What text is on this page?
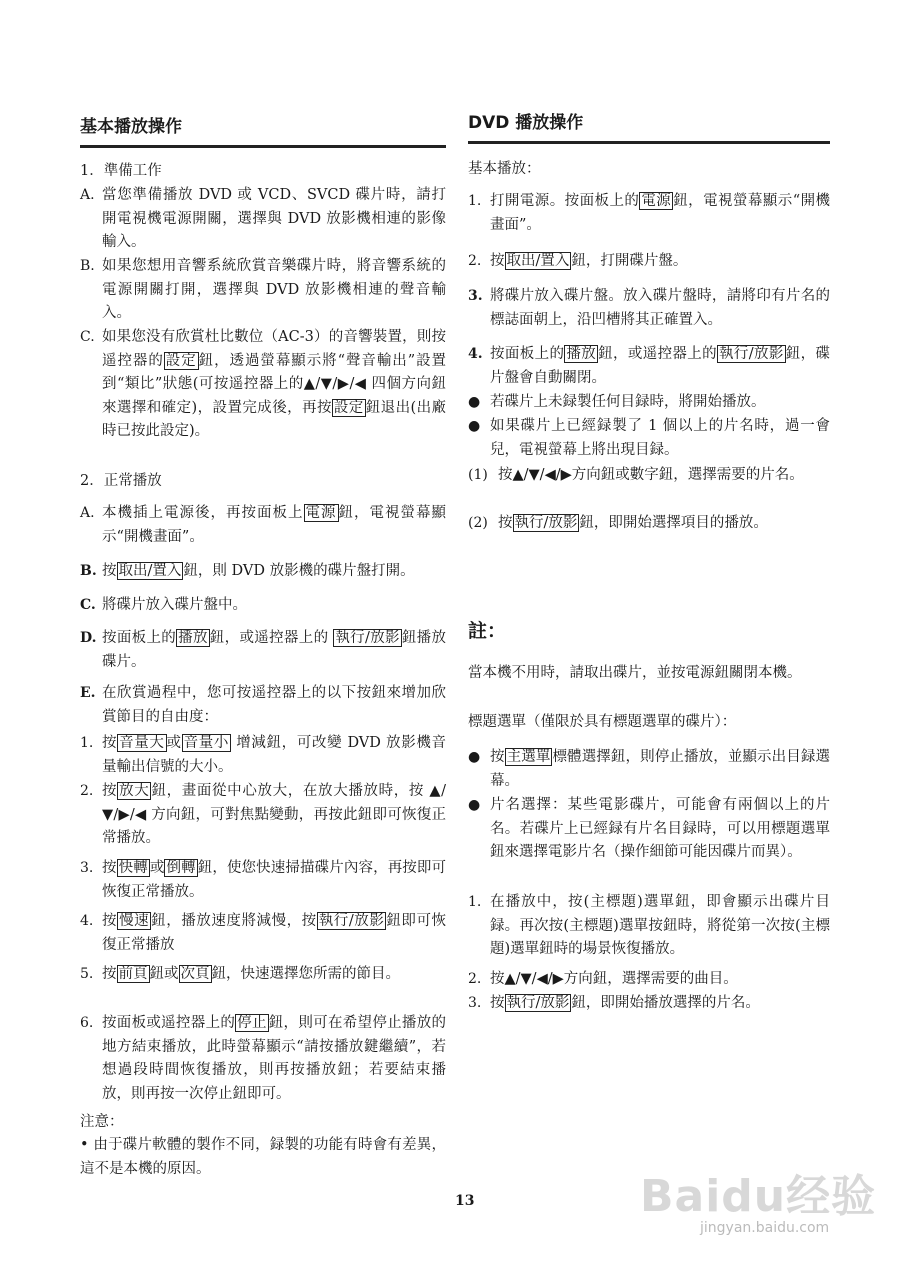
基本播放操作
1．準備工作
A. 當您準備播放 DVD 或 VCD、SVCD 碟片時，請打開電視機電源開關，選擇與 DVD 放影機相連的影像輸入。
B. 如果您想用音響系統欣賞音樂碟片時，將音響系統的電源開關打開，選擇與 DVD 放影機相連的聲音輸入。
C. 如果您没有欣賞杜比數位（AC-3）的音響裝置，則按遥控器的 設定 鈕，透過螢幕顯示將“聲音輸出”設置到“類比”狀態(可按遥控器上的▲/▼/▶/◀ 四個方向鈕來選擇和確定)，設置完成後，再按 設定 鈕退出(出廠時已按此設定)。
2．正常播放
A. 本機插上電源後，再按面板上 電源 鈕，電視螢幕顯示“開機畫面”。
B. 按 取出/置入 鈕，則 DVD 放影機的碟片盤打開。
C. 將碟片放入碟片盤中。
D. 按面板上的 播放 鈕，或遥控器上的 執行/放影 鈕播放碟片。
E. 在欣賞過程中，您可按遥控器上的以下按鈕來增加欣賞節目的自由度：
1. 按 音量大 或 音量小 增減鈕，可改變 DVD 放影機音量輸出信號的大小。
2. 按 放大 鈕，畫面從中心放大，在放大播放時，按 ▲/▼/▶/◀ 方向鈕，可對焦點變動，再按此鈕即可恢復正常播放。
3. 按 快轉 或 倒轉 鈕，使您快速掃描碟片內容，再按即可恢復正常播放。
4. 按 慢速 鈕，播放速度將減慢，按 執行/放影 鈕即可恢復正常播放
5. 按 前頁 鈕或 次頁 鈕，快速選擇您所需的節目。
6. 按面板或遥控器上的 停止 鈕，則可在希望停止播放的地方結束播放，此時螢幕顯示“請按播放鍵繼續”，若想過段時間恢復播放，則再按播放鈕；若要結束播放，則再按一次停止鈕即可。
注意：
• 由于碟片軟體的製作不同，録製的功能有時會有差異，這不是本機的原因。
DVD 播放操作
基本播放：
1. 打開電源。按面板上的 電源 鈕，電視螢幕顯示“開機畫面”。
2. 按 取出/置入 鈕，打開碟片盤。
3. 將碟片放入碟片盤。放入碟片盤時，請將印有片名的標誌面朝上，沿凹槽將其正確置入。
4. 按面板上的 播放 鈕，或遥控器上的 執行/放影 鈕，碟片盤會自動關閉。
● 若碟片上未録製任何目録時，將開始播放。
● 如果碟片上已經録製了 1 個以上的片名時，過一會兒，電視螢幕上將出現目録。
(1) 按▲/▼/◀/▶方向鈕或數字鈕，選擇需要的片名。
(2) 按 執行/放影 鈕，即開始選擇項目的播放。
註：
當本機不用時，請取出碟片，並按電源鈕關閉本機。
標題選單（僅限於具有標題選單的碟片）：
● 按 主選單 標體選擇鈕，則停止播放，並顯示出目録選幕。
● 片名選擇：某些電影碟片，可能會有兩個以上的片名。若碟片上已經録有片名目録時，可以用標題選單鈕來選擇電影片名（操作細節可能因碟片而異）。
1. 在播放中，按(主標題)選單鈕，即會顯示出碟片目録。再次按(主標題)選單按鈕時，將從第一次按(主標題)選單鈕時的場景恢復播放。
2. 按▲/▼/◀/▶方向鈕，選擇需要的曲目。
3. 按 執行/放影 鈕，即開始播放選擇的片名。
13	Baidu经验
jingyan.baidu.com
